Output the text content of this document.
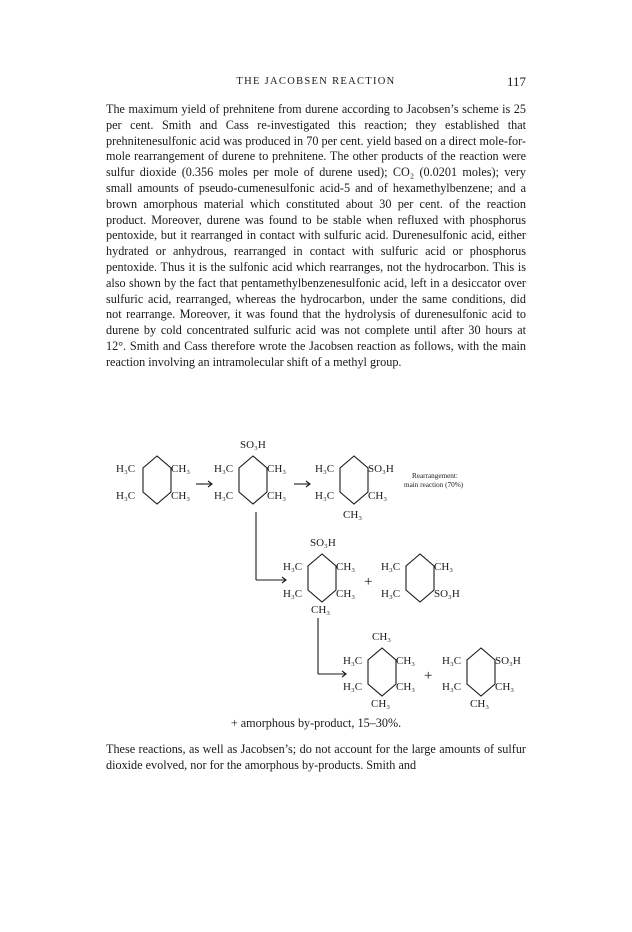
THE JACOBSEN REACTION	117

The maximum yield of prehnitene from durene according to Jacobsen’s scheme is 25 per cent. Smith and Cass re-investigated this reaction; they established that prehnitenesulfonic acid was produced in 70 per cent. yield based on a direct mole-for-mole rearrangement of durene to prehnitene. The other products of the reaction were sulfur dioxide (0.356 moles per mole of durene used); CO₂ (0.0201 moles); very small amounts of pseudo-cumenesulfonic acid-5 and of hexamethylbenzene; and a brown amorphous material which constituted about 30 per cent. of the reaction product. Moreover, durene was found to be stable when refluxed with phosphorus pentoxide, but it rearranged in contact with sulfuric acid. Durenesulfonic acid, either hydrated or anhydrous, rearranged in contact with sulfuric acid or phosphorus pentoxide. Thus it is the sulfonic acid which rearranges, not the hydrocarbon. This is also shown by the fact that pentamethylbenzenesulfonic acid, left in a desiccator over sulfuric acid, rearranged, whereas the hydrocarbon, under the same conditions, did not rearrange. Moreover, it was found that the hydrolysis of durenesulfonic acid to durene by cold concentrated sulfuric acid was not complete until after 30 hours at 12°. Smith and Cass therefore wrote the Jacobsen reaction as follows, with the main reaction involving an intramolecular shift of a methyl group.

H₃C	CH₃
H₃C	CH₃
SO₃H
H₃C	CH₃
H₃C	CH₃
H₃C	SO₃H
H₃C	CH₃
CH₃
Rearrangement:
main reaction (70%)
SO₃H
H₃C	CH₃
H₃C	CH₃
CH₃
+
H₃C	CH₃
H₃C	SO₃H
CH₃
H₃C	CH₃
H₃C	CH₃
CH₃
+
H₃C	SO₃H
H₃C	CH₃
CH₃
+ amorphous by-product, 15–30%.

These reactions, as well as Jacobsen’s; do not account for the large amounts of sulfur dioxide evolved, nor for the amorphous by-products. Smith and
